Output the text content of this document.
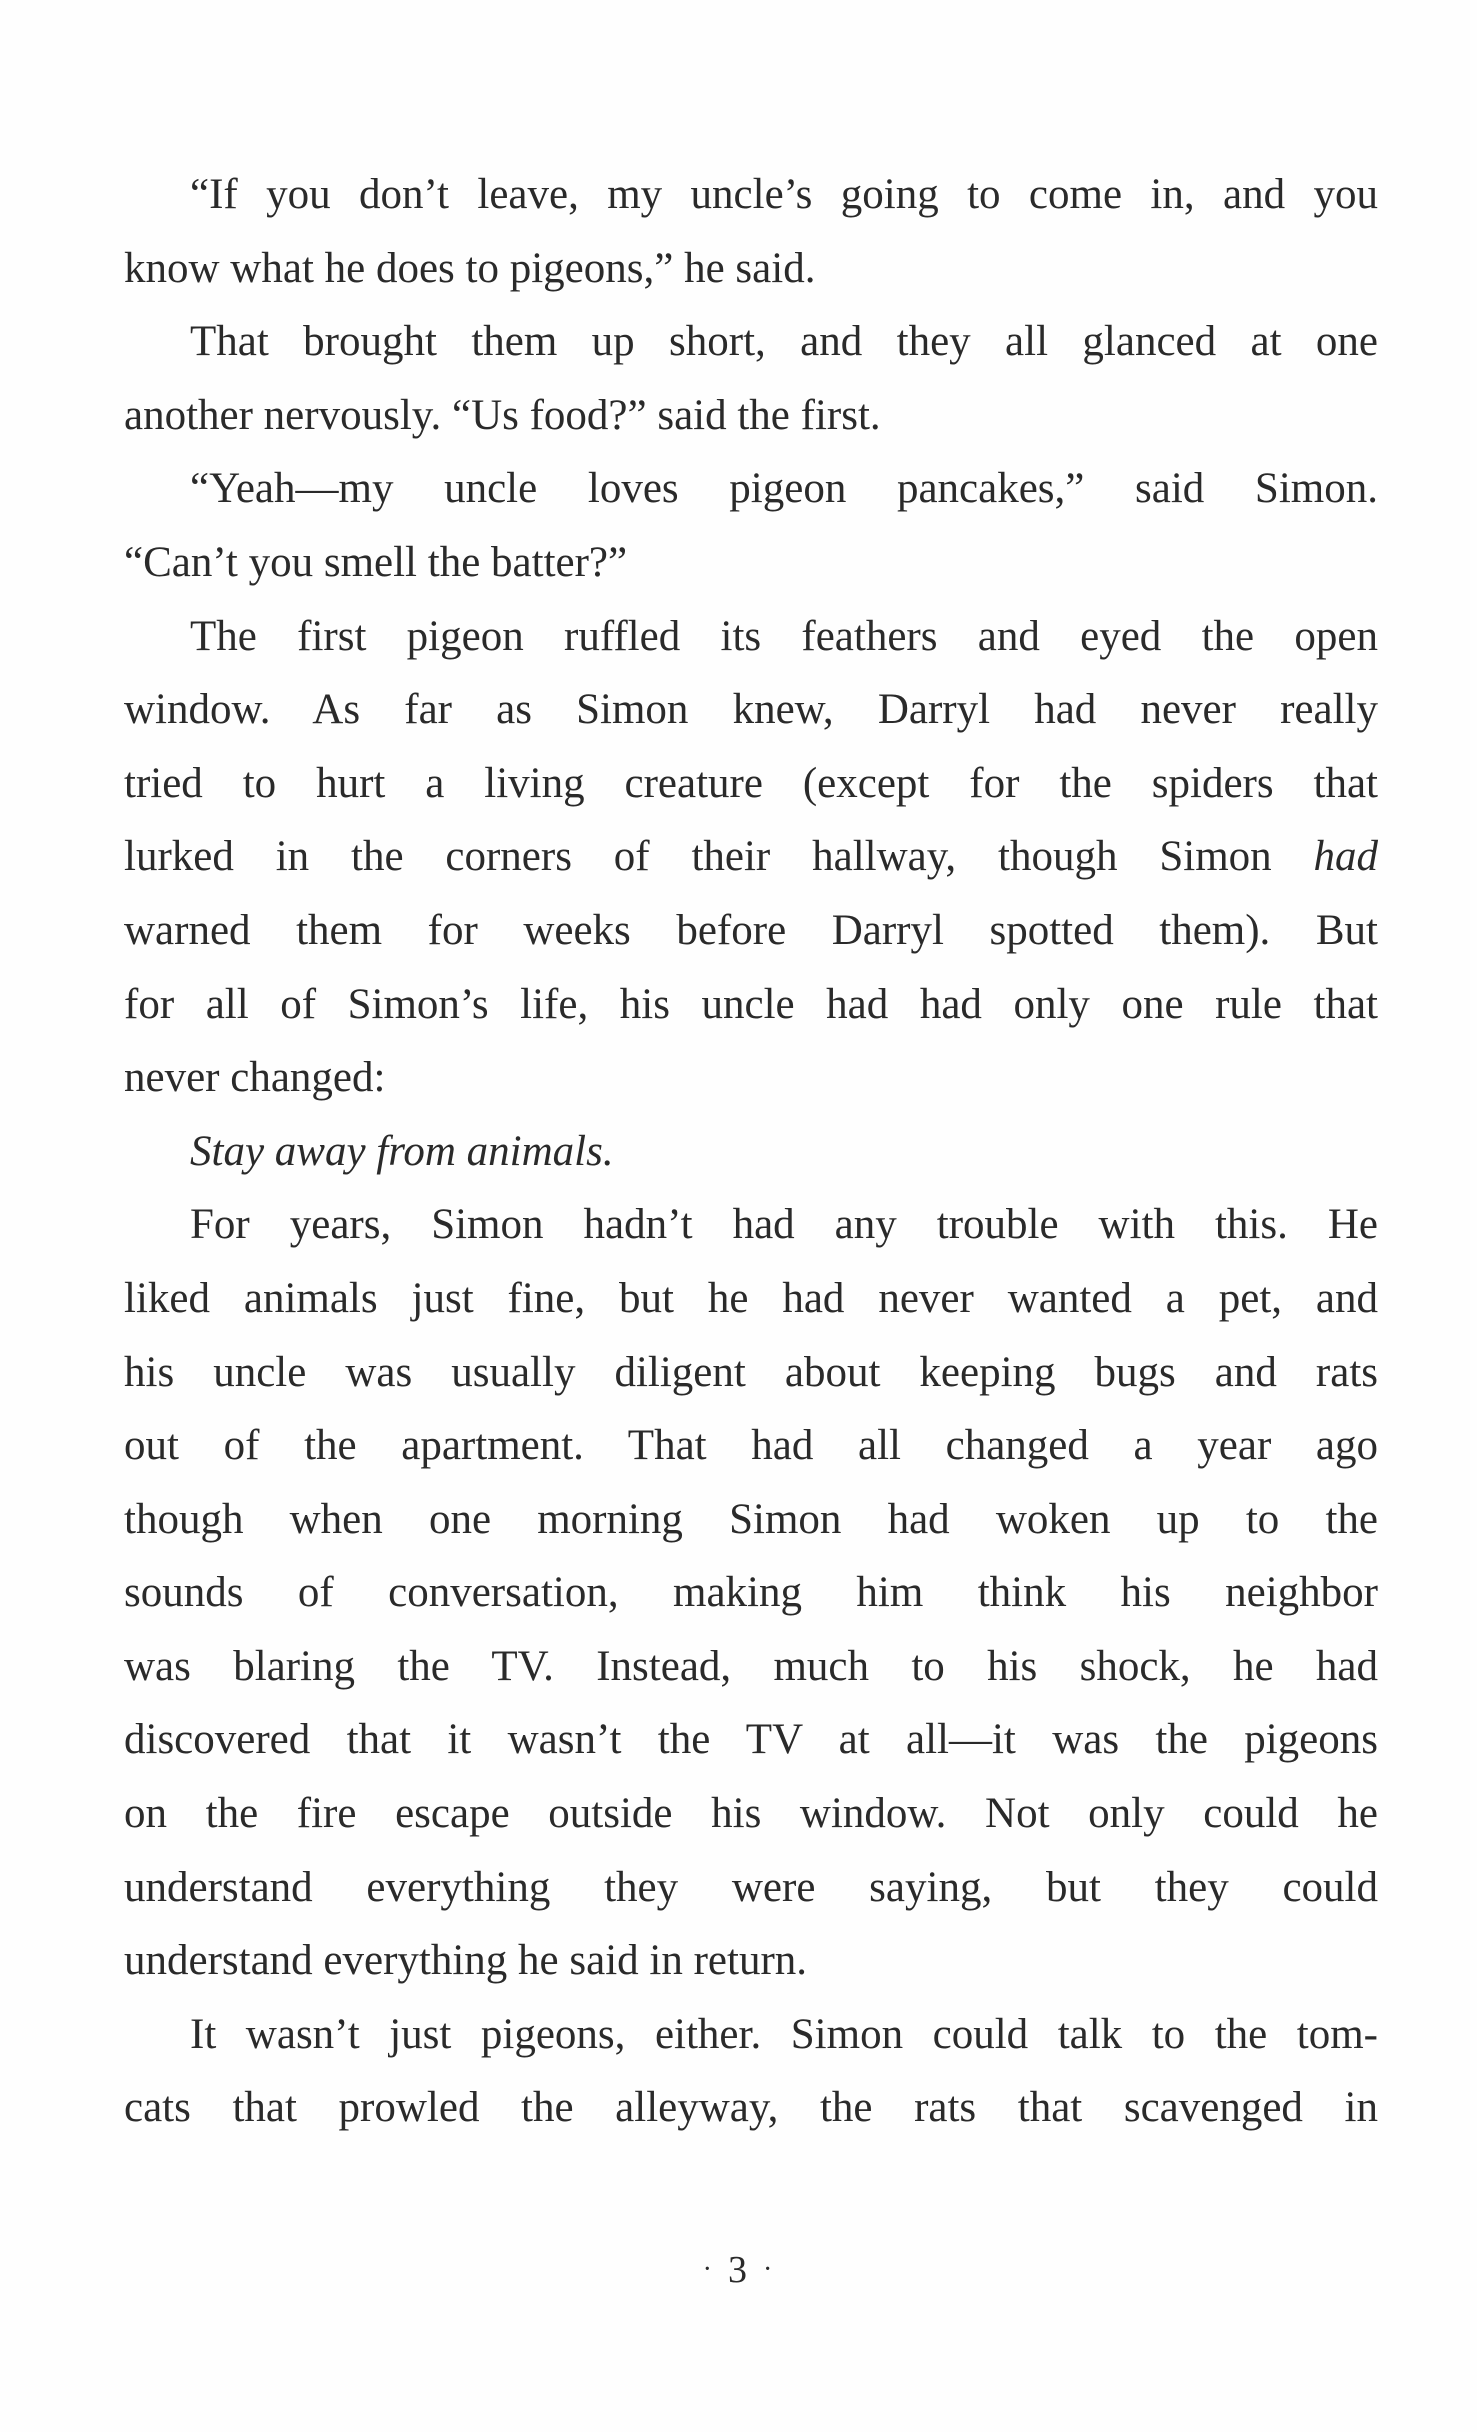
“If you don’t leave, my uncle’s going to come in, and you
know what he does to pigeons,” he said.
That brought them up short, and they all glanced at one
another nervously. “Us food?” said the first.
“Yeah—my uncle loves pigeon pancakes,” said Simon.
“Can’t you smell the batter?”
The first pigeon ruffled its feathers and eyed the open
window. As far as Simon knew, Darryl had never really
tried to hurt a living creature (except for the spiders that
lurked in the corners of their hallway, though Simon had
warned them for weeks before Darryl spotted them). But
for all of Simon’s life, his uncle had had only one rule that
never changed:
Stay away from animals.
For years, Simon hadn’t had any trouble with this. He
liked animals just fine, but he had never wanted a pet, and
his uncle was usually diligent about keeping bugs and rats
out of the apartment. That had all changed a year ago
though when one morning Simon had woken up to the
sounds of conversation, making him think his neighbor
was blaring the TV. Instead, much to his shock, he had
discovered that it wasn’t the TV at all—it was the pigeons
on the fire escape outside his window. Not only could he
understand everything they were saying, but they could
understand everything he said in return.
It wasn’t just pigeons, either. Simon could talk to the tom-
cats that prowled the alleyway, the rats that scavenged in
· 3 ·
